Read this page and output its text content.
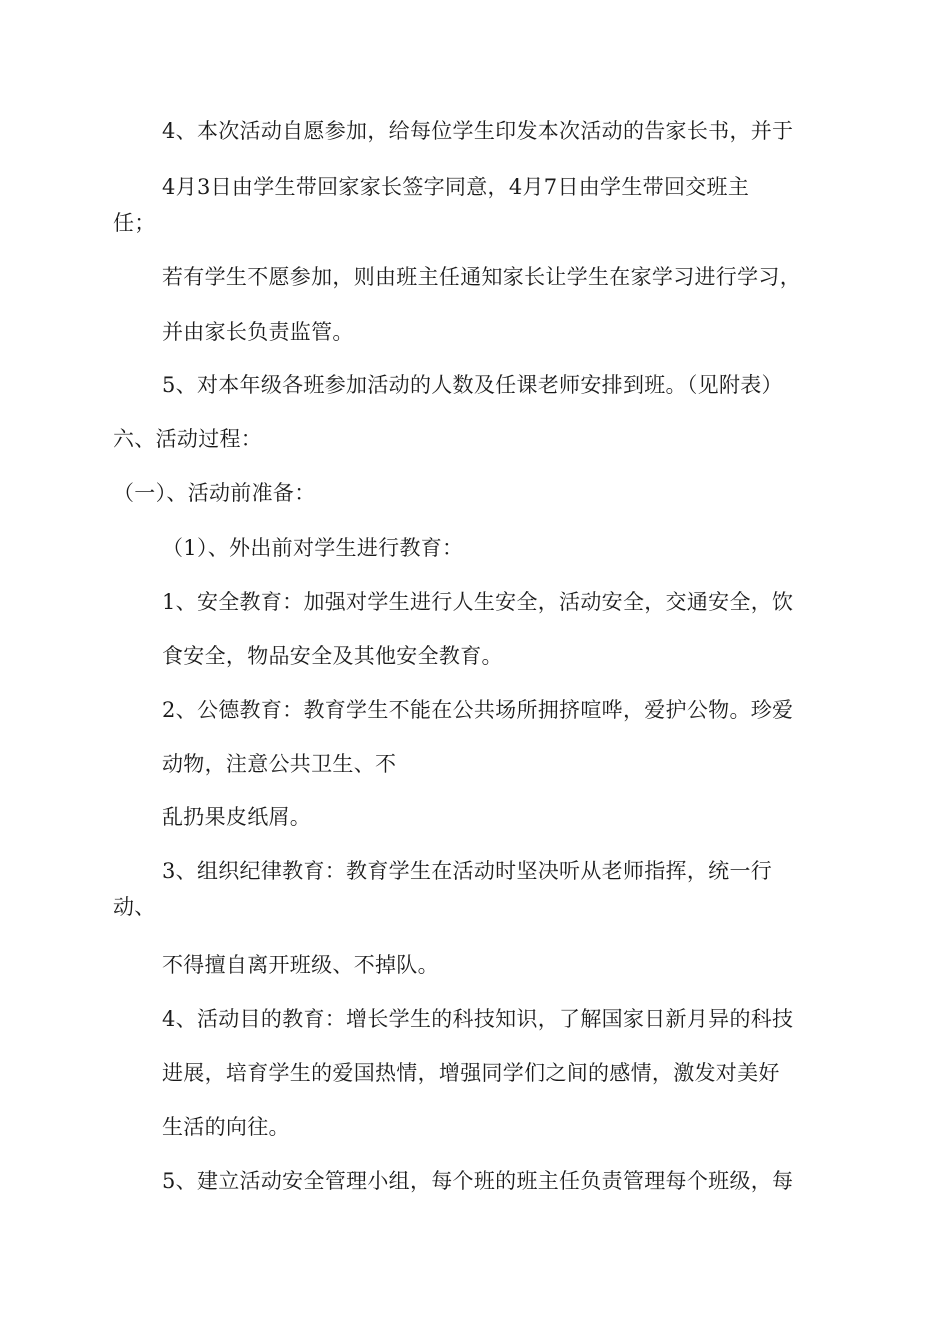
4、本次活动自愿参加，给每位学生印发本次活动的告家长书，并于

4月3日由学生带回家家长签字同意，4月7日由学生带回交班主

任；

若有学生不愿参加，则由班主任通知家长让学生在家学习进行学习，

并由家长负责监管。

5、对本年级各班参加活动的人数及任课老师安排到班。（见附表）

六、活动过程：

（一）、活动前准备：

（1）、外出前对学生进行教育：

1、安全教育：加强对学生进行人生安全，活动安全，交通安全，饮

食安全，物品安全及其他安全教育。

2、公德教育：教育学生不能在公共场所拥挤喧哗，爱护公物。珍爱

动物，注意公共卫生、不

乱扔果皮纸屑。

3、组织纪律教育：教育学生在活动时坚决听从老师指挥，统一行

动、

不得擅自离开班级、不掉队。

4、活动目的教育：增长学生的科技知识，了解国家日新月异的科技

进展，培育学生的爱国热情，增强同学们之间的感情，激发对美好

生活的向往。

5、建立活动安全管理小组，每个班的班主任负责管理每个班级，每
